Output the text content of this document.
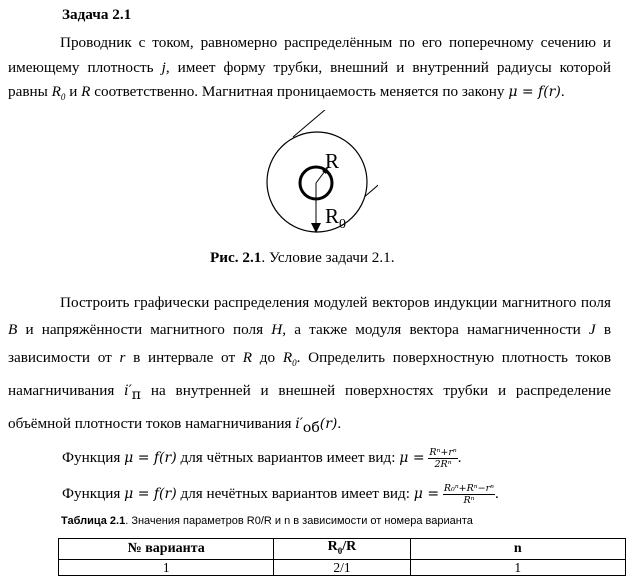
Задача 2.1
Проводник с током, равномерно распределённым по его поперечному сечению и имеющему плотность j, имеет форму трубки, внешний и внутренний радиусы которой равны $R_0$ и R соответственно. Магнитная проницаемость меняется по закону μ = f(r).
R
$R_0$
Рис. 2.1. Условие задачи 2.1.
Построить графически распределения модулей векторов индукции магнитного поля B и напряжённости магнитного поля H, а также модуля вектора намагниченности J в зависимости от r в интервале от R до $R_0$. Определить поверхностную плотность токов намагничивания $i'_п$ на внутренней и внешней поверхностях трубки и распределение объёмной плотности токов намагничивания $i'_{об}(r)$.
Функция μ = f(r) для чётных вариантов имеет вид: $\mu = \frac{\text{Rⁿ+rⁿ}}{\text{2Rⁿ}}$ .
Функция μ = f(r) для нечётных вариантов имеет вид: $\mu = \frac{\text{R₀ⁿ+Rⁿ−rⁿ}}{\text{Rⁿ}}$ .
Таблица 2.1. Значения параметров R0/R и n в зависимости от номера варианта
№ варианта	$R_0/R$	n
1	2/1	1
